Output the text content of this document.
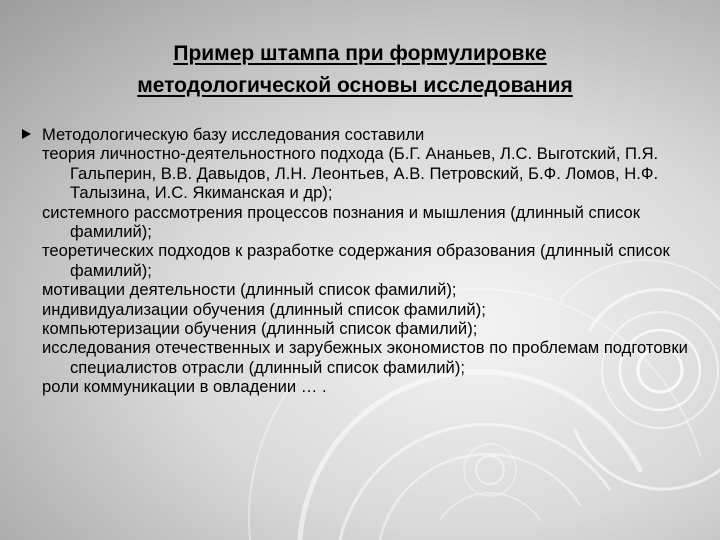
Пример штампа при формулировке
методологической основы исследования

Методологическую базу исследования составили

теория личностно-деятельностного подхода (Б.Г. Ананьев, Л.С. Выготский, П.Я. Гальперин, В.В. Давыдов, Л.Н. Леонтьев, А.В. Петровский, Б.Ф. Ломов, Н.Ф. Талызина, И.С. Якиманская и др);

системного рассмотрения процессов познания и мышления (длинный список фамилий);

теоретических подходов к разработке содержания образования (длинный список фамилий);

мотивации деятельности (длинный список фамилий);

индивидуализации обучения (длинный список фамилий);

компьютеризации обучения (длинный список фамилий);

исследования отечественных и зарубежных экономистов по проблемам подготовки специалистов отрасли (длинный список фамилий);

роли коммуникации в овладении … .
